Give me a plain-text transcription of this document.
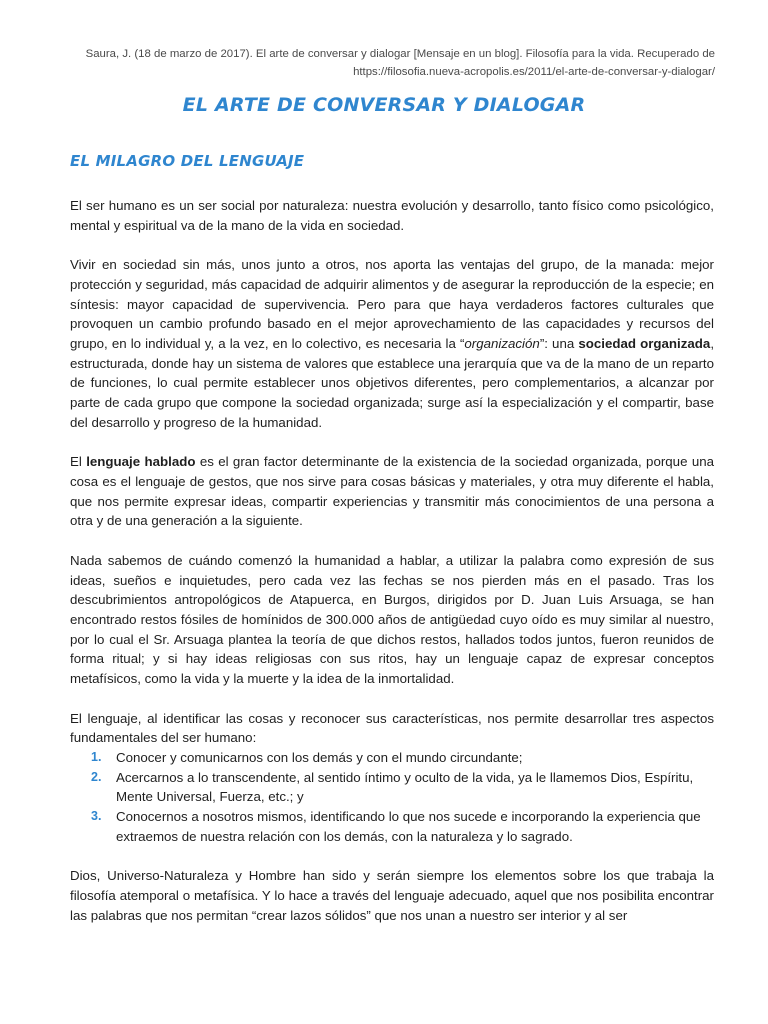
Saura, J. (18 de marzo de 2017). El arte de conversar y dialogar [Mensaje en un blog]. Filosofía para la vida. Recuperado de
https://filosofia.nueva-acropolis.es/2011/el-arte-de-conversar-y-dialogar/
EL ARTE DE CONVERSAR Y DIALOGAR
EL MILAGRO DEL LENGUAJE

El ser humano es un ser social por naturaleza: nuestra evolución y desarrollo, tanto físico como psicológico, mental y espiritual va de la mano de la vida en sociedad.

Vivir en sociedad sin más, unos junto a otros, nos aporta las ventajas del grupo, de la manada: mejor protección y seguridad, más capacidad de adquirir alimentos y de asegurar la reproducción de la especie; en síntesis: mayor capacidad de supervivencia. Pero para que haya verdaderos factores culturales que provoquen un cambio profundo basado en el mejor aprovechamiento de las capacidades y recursos del grupo, en lo individual y, a la vez, en lo colectivo, es necesaria la “organización”: una sociedad organizada, estructurada, donde hay un sistema de valores que establece una jerarquía que va de la mano de un reparto de funciones, lo cual permite establecer unos objetivos diferentes, pero complementarios, a alcanzar por parte de cada grupo que compone la sociedad organizada; surge así la especialización y el compartir, base del desarrollo y progreso de la humanidad.

El lenguaje hablado es el gran factor determinante de la existencia de la sociedad organizada, porque una cosa es el lenguaje de gestos, que nos sirve para cosas básicas y materiales, y otra muy diferente el habla, que nos permite expresar ideas, compartir experiencias y transmitir más conocimientos de una persona a otra y de una generación a la siguiente.

Nada sabemos de cuándo comenzó la humanidad a hablar, a utilizar la palabra como expresión de sus ideas, sueños e inquietudes, pero cada vez las fechas se nos pierden más en el pasado. Tras los descubrimientos antropológicos de Atapuerca, en Burgos, dirigidos por D. Juan Luis Arsuaga, se han encontrado restos fósiles de homínidos de 300.000 años de antigüedad cuyo oído es muy similar al nuestro, por lo cual el Sr. Arsuaga plantea la teoría de que dichos restos, hallados todos juntos, fueron reunidos de forma ritual; y si hay ideas religiosas con sus ritos, hay un lenguaje capaz de expresar conceptos metafísicos, como la vida y la muerte y la idea de la inmortalidad.

El lenguaje, al identificar las cosas y reconocer sus características, nos permite desarrollar tres aspectos fundamentales del ser humano:

1. Conocer y comunicarnos con los demás y con el mundo circundante;
2. Acercarnos a lo transcendente, al sentido íntimo y oculto de la vida, ya le llamemos Dios, Espíritu, Mente Universal, Fuerza, etc.; y
3. Conocernos a nosotros mismos, identificando lo que nos sucede e incorporando la experiencia que extraemos de nuestra relación con los demás, con la naturaleza y lo sagrado.

Dios, Universo-Naturaleza y Hombre han sido y serán siempre los elementos sobre los que trabaja la filosofía atemporal o metafísica. Y lo hace a través del lenguaje adecuado, aquel que nos posibilita encontrar las palabras que nos permitan “crear lazos sólidos” que nos unan a nuestro ser interior y al ser
